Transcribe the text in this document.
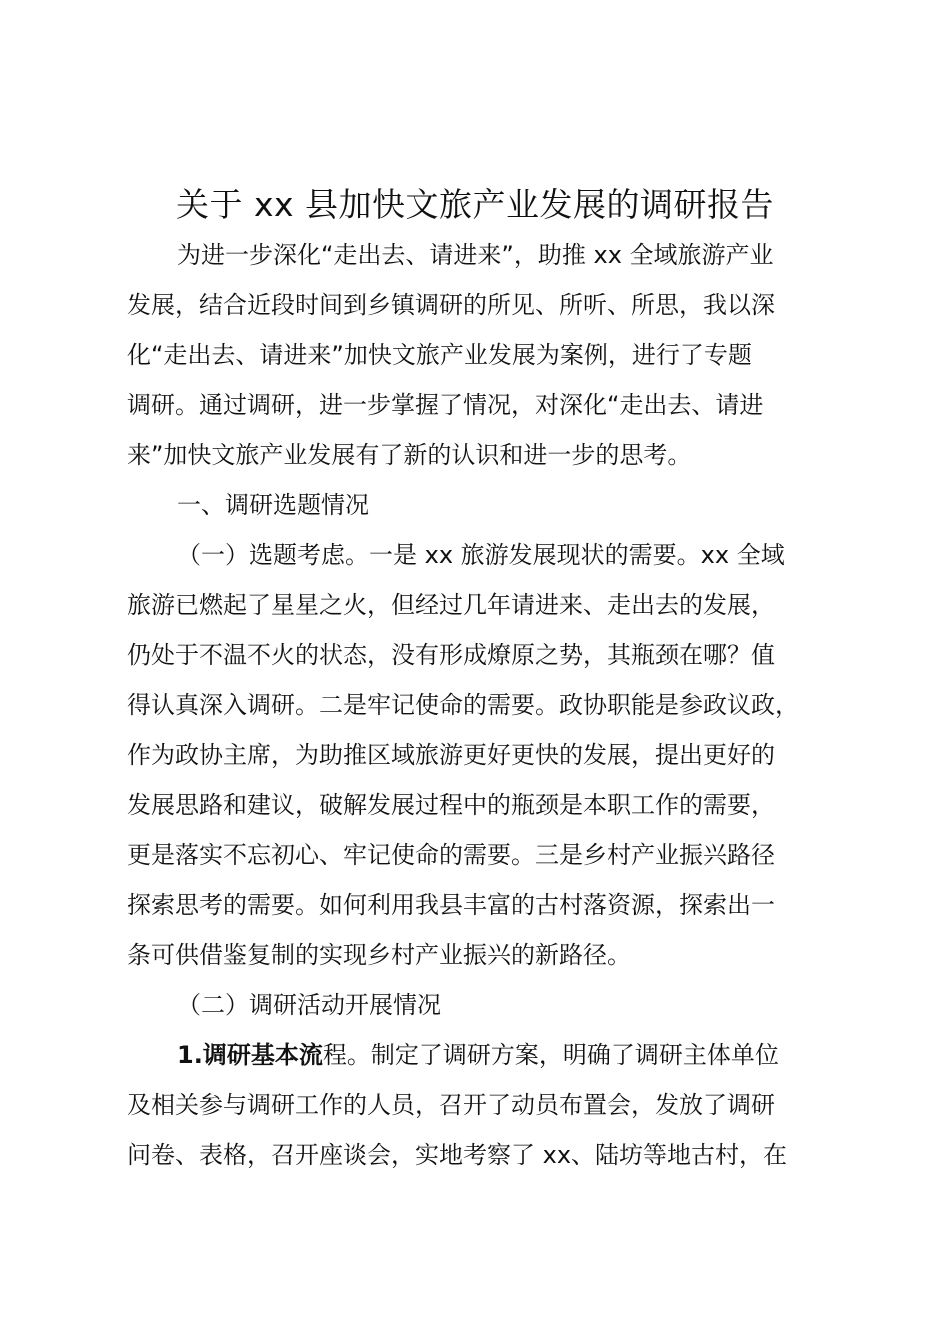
关于 xx 县加快文旅产业发展的调研报告
为进一步深化“走出去、请进来”，助推 xx 全域旅游产业
发展，结合近段时间到乡镇调研的所见、所听、所思，我以深
化“走出去、请进来”加快文旅产业发展为案例，进行了专题
调研。通过调研，进一步掌握了情况，对深化“走出去、请进
来”加快文旅产业发展有了新的认识和进一步的思考。
一、调研选题情况
（一）选题考虑。一是 xx 旅游发展现状的需要。xx 全域
旅游已燃起了星星之火，但经过几年请进来、走出去的发展，
仍处于不温不火的状态，没有形成燎原之势，其瓶颈在哪？值
得认真深入调研。二是牢记使命的需要。政协职能是参政议政，
作为政协主席，为助推区域旅游更好更快的发展，提出更好的
发展思路和建议，破解发展过程中的瓶颈是本职工作的需要，
更是落实不忘初心、牢记使命的需要。三是乡村产业振兴路径
探索思考的需要。如何利用我县丰富的古村落资源，探索出一
条可供借鉴复制的实现乡村产业振兴的新路径。
（二）调研活动开展情况
1.调研基本流程。制定了调研方案，明确了调研主体单位
及相关参与调研工作的人员，召开了动员布置会，发放了调研
问卷、表格，召开座谈会，实地考察了 xx、陆坊等地古村，在
